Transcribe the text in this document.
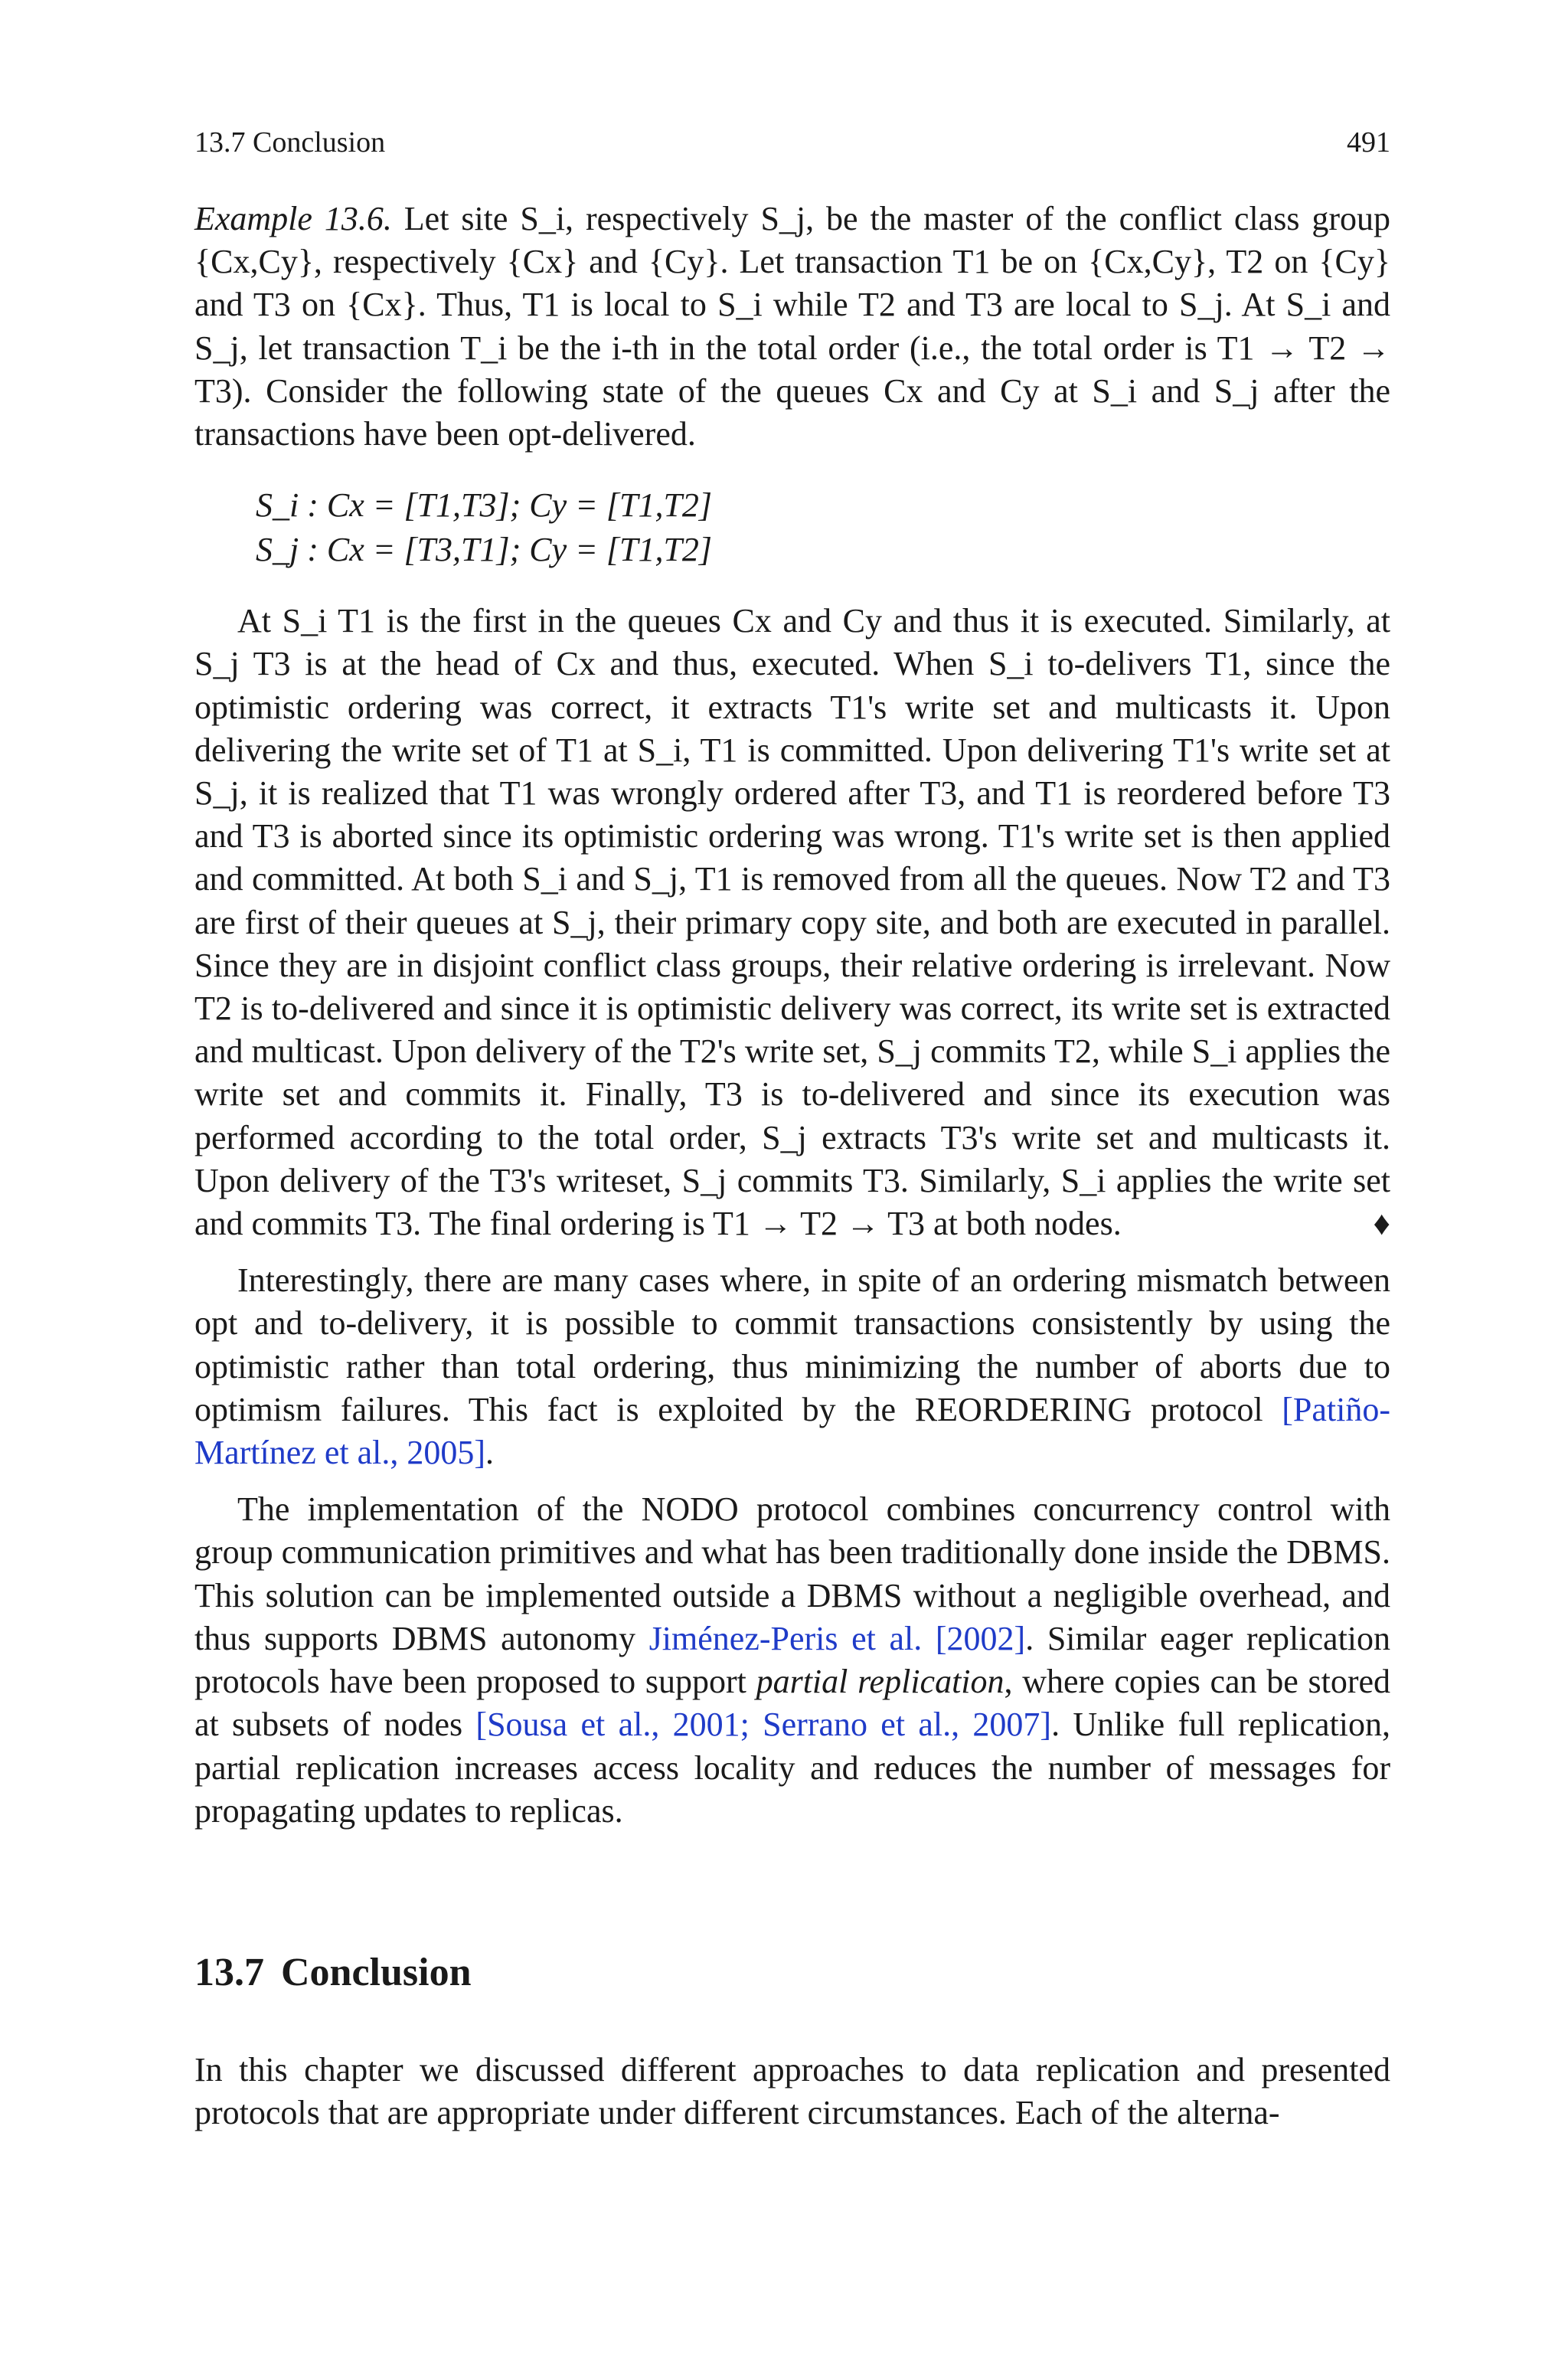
13.7 Conclusion	491

Example 13.6. Let site S_i, respectively S_j, be the master of the conflict class group {Cx,Cy}, respectively {Cx} and {Cy}. Let transaction T1 be on {Cx,Cy}, T2 on {Cy} and T3 on {Cx}. Thus, T1 is local to S_i while T2 and T3 are local to S_j. At S_i and S_j, let transaction T_i be the i-th in the total order (i.e., the total order is T1 → T2 → T3). Consider the following state of the queues Cx and Cy at S_i and S_j after the transactions have been opt-delivered.

S_i : Cx = [T1,T3]; Cy = [T1,T2]
S_j : Cx = [T3,T1]; Cy = [T1,T2]

At S_i T1 is the first in the queues Cx and Cy and thus it is executed. Similarly, at S_j T3 is at the head of Cx and thus, executed. When S_i to-delivers T1, since the optimistic ordering was correct, it extracts T1's write set and multicasts it. Upon delivering the write set of T1 at S_i, T1 is committed. Upon delivering T1's write set at S_j, it is realized that T1 was wrongly ordered after T3, and T1 is reordered before T3 and T3 is aborted since its optimistic ordering was wrong. T1's write set is then applied and committed. At both S_i and S_j, T1 is removed from all the queues. Now T2 and T3 are first of their queues at S_j, their primary copy site, and both are executed in parallel. Since they are in disjoint conflict class groups, their relative ordering is irrelevant. Now T2 is to-delivered and since it is optimistic delivery was correct, its write set is extracted and multicast. Upon delivery of the T2's write set, S_j commits T2, while S_i applies the write set and commits it. Finally, T3 is to-delivered and since its execution was performed according to the total order, S_j extracts T3's write set and multicasts it. Upon delivery of the T3's writeset, S_j commits T3. Similarly, S_i applies the write set and commits T3. The final ordering is T1 → T2 → T3 at both nodes.	♦

Interestingly, there are many cases where, in spite of an ordering mismatch between opt and to-delivery, it is possible to commit transactions consistently by using the optimistic rather than total ordering, thus minimizing the number of aborts due to optimism failures. This fact is exploited by the REORDERING protocol [Patiño-Martínez et al., 2005].

The implementation of the NODO protocol combines concurrency control with group communication primitives and what has been traditionally done inside the DBMS. This solution can be implemented outside a DBMS without a negligible overhead, and thus supports DBMS autonomy Jiménez-Peris et al. [2002]. Similar eager replication protocols have been proposed to support partial replication, where copies can be stored at subsets of nodes [Sousa et al., 2001; Serrano et al., 2007]. Unlike full replication, partial replication increases access locality and reduces the number of messages for propagating updates to replicas.

13.7 Conclusion

In this chapter we discussed different approaches to data replication and presented protocols that are appropriate under different circumstances. Each of the alterna-
